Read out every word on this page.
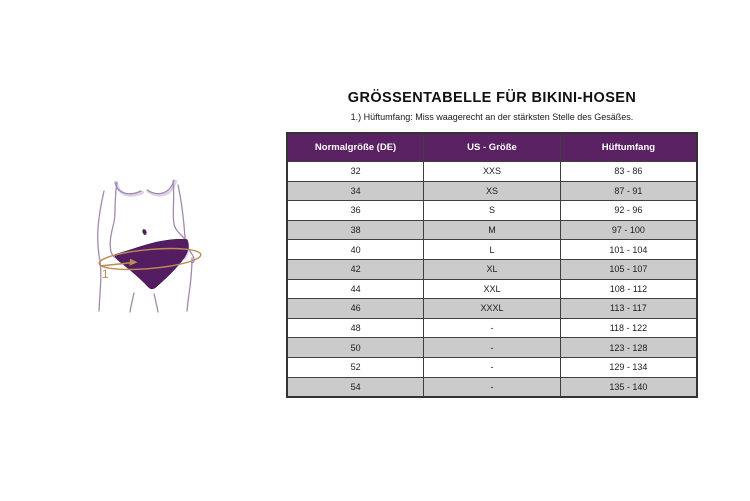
GRÖSSENTABELLE FÜR BIKINI-HOSEN
1.) Hüftumfang: Miss waagerecht an der stärksten Stelle des Gesäßes.
1
Normalgröße (DE)	US - Größe	Hüftumfang
32	XXS	83 - 86
34	XS	87 - 91
36	S	92 - 96
38	M	97 - 100
40	L	101 - 104
42	XL	105 - 107
44	XXL	108 - 112
46	XXXL	113 - 117
48	-	118 - 122
50	-	123 - 128
52	-	129 - 134
54	-	135 - 140
